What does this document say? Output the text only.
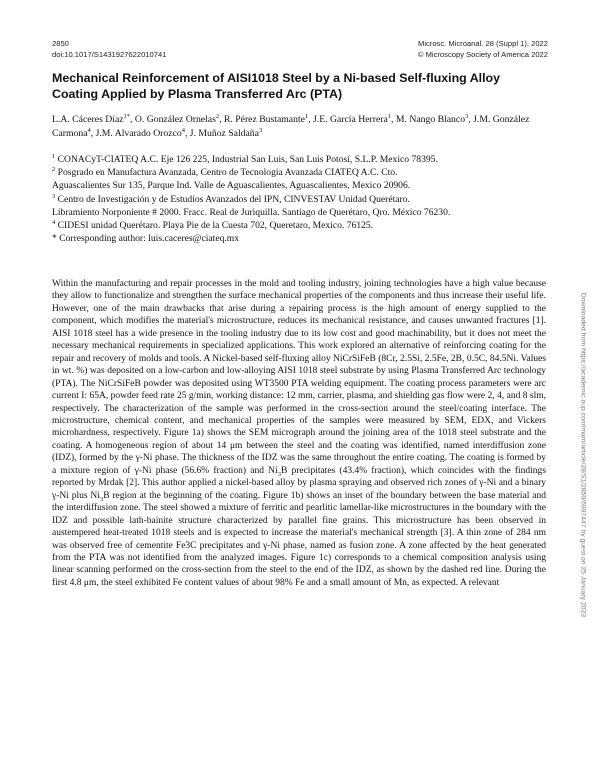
2850
doi:10.1017/S1431927622010741
Microsc. Microanal. 28 (Suppl 1), 2022
© Microscopy Society of America 2022
Mechanical Reinforcement of AISI1018 Steel by a Ni-based Self-fluxing Alloy Coating Applied by Plasma Transferred Arc (PTA)
L.A. Cáceres Díaz$^{1*}$, O. González Ornelas$^2$, R. Pérez Bustamante$^1$, J.E. García Herrera$^1$, M. Nango Blanco$^3$, J.M. González Carmona$^4$, J.M. Alvarado Orozco$^4$, J. Muñoz Saldaña$^3$
$^1$ CONACyT-CIATEQ A.C. Eje 126 225, Industrial San Luis, San Luis Potosí, S.L.P. Mexico 78395.
$^2$ Posgrado en Manufactura Avanzada, Centro de Tecnología Avanzada CIATEQ A.C. Cto.
Aguascalientes Sur 135, Parque Ind. Valle de Aguascalientes, Aguascalientes, Mexico 20906.
$^3$ Centro de Investigación y de Estudios Avanzados del IPN, CINVESTAV Unidad Querétaro.
Libramiento Norponiente # 2000. Fracc. Real de Juriquilla. Santiago de Querétaro, Qro. México 76230.
$^4$ CIDESI unidad Querétaro. Playa Pie de la Cuesta 702, Queretaro, Mexico. 76125.
* Corresponding author: luis.caceres@ciateq.mx
Within the manufacturing and repair processes in the mold and tooling industry, joining technologies have a high value because they allow to functionalize and strengthen the surface mechanical properties of the components and thus increase their useful life. However, one of the main drawbacks that arise during a repairing process is the high amount of energy supplied to the component, which modifies the material's microstructure, reduces its mechanical resistance, and causes unwanted fractures [1]. AISI 1018 steel has a wide presence in the tooling industry due to its low cost and good machinability, but it does not meet the necessary mechanical requirements in specialized applications. This work explored an alternative of reinforcing coating for the repair and recovery of molds and tools. A Nickel-based self-fluxing alloy NiCrSiFeB (8Cr, 2.5Si, 2.5Fe, 2B, 0.5C, 84.5Ni. Values in wt. %) was deposited on a low-carbon and low-alloying AISI 1018 steel substrate by using Plasma Transferred Arc technology (PTA). The NiCrSiFeB powder was deposited using WT3500 PTA welding equipment. The coating process parameters were arc current I: 65A, powder feed rate 25 g/min, working distance: 12 mm, carrier, plasma, and shielding gas flow were 2, 4, and 8 slm, respectively. The characterization of the sample was performed in the cross-section around the steel/coating interface. The microstructure, chemical content, and mechanical properties of the samples were measured by SEM, EDX, and Vickers microhardness, respectively. Figure 1a) shows the SEM micrograph around the joining area of the 1018 steel substrate and the coating. A homogeneous region of about 14 μm between the steel and the coating was identified, named interdiffusion zone (IDZ), formed by the γ-Ni phase. The thickness of the IDZ was the same throughout the entire coating. The coating is formed by a mixture region of γ-Ni phase (56.6% fraction) and $Ni_3B$ precipitates (43.4% fraction), which coincides with the findings reported by Mrdak [2]. This author applied a nickel-based alloy by plasma spraying and observed rich zones of γ-Ni and a binary γ-Ni plus $Ni_3B$ region at the beginning of the coating. Figure 1b) shows an inset of the boundary between the base material and the interdiffusion zone. The steel showed a mixture of ferritic and pearlitic lamellar-like microstructures in the boundary with the IDZ and possible lath-bainite structure characterized by parallel fine grains. This microstructure has been observed in austempered heat-treated 1018 steels and is expected to increase the material's mechanical strength [3]. A thin zone of 284 nm was observed free of cementite Fe3C precipitates and γ-Ni phase, named as fusion zone. A zone affected by the heat generated from the PTA was not identified from the analyzed images. Figure 1c) corresponds to a chemical composition analysis using linear scanning performed on the cross-section from the steel to the end of the IDZ, as shown by the dashed red line. During the first 4.8 μm, the steel exhibited Fe content values of about 98% Fe and a small amount of Mn, as expected. A relevant	Downloaded from https://academic.oup.com/mam/article/28/S1/2850/6997447 by guest on 25 January 2023
